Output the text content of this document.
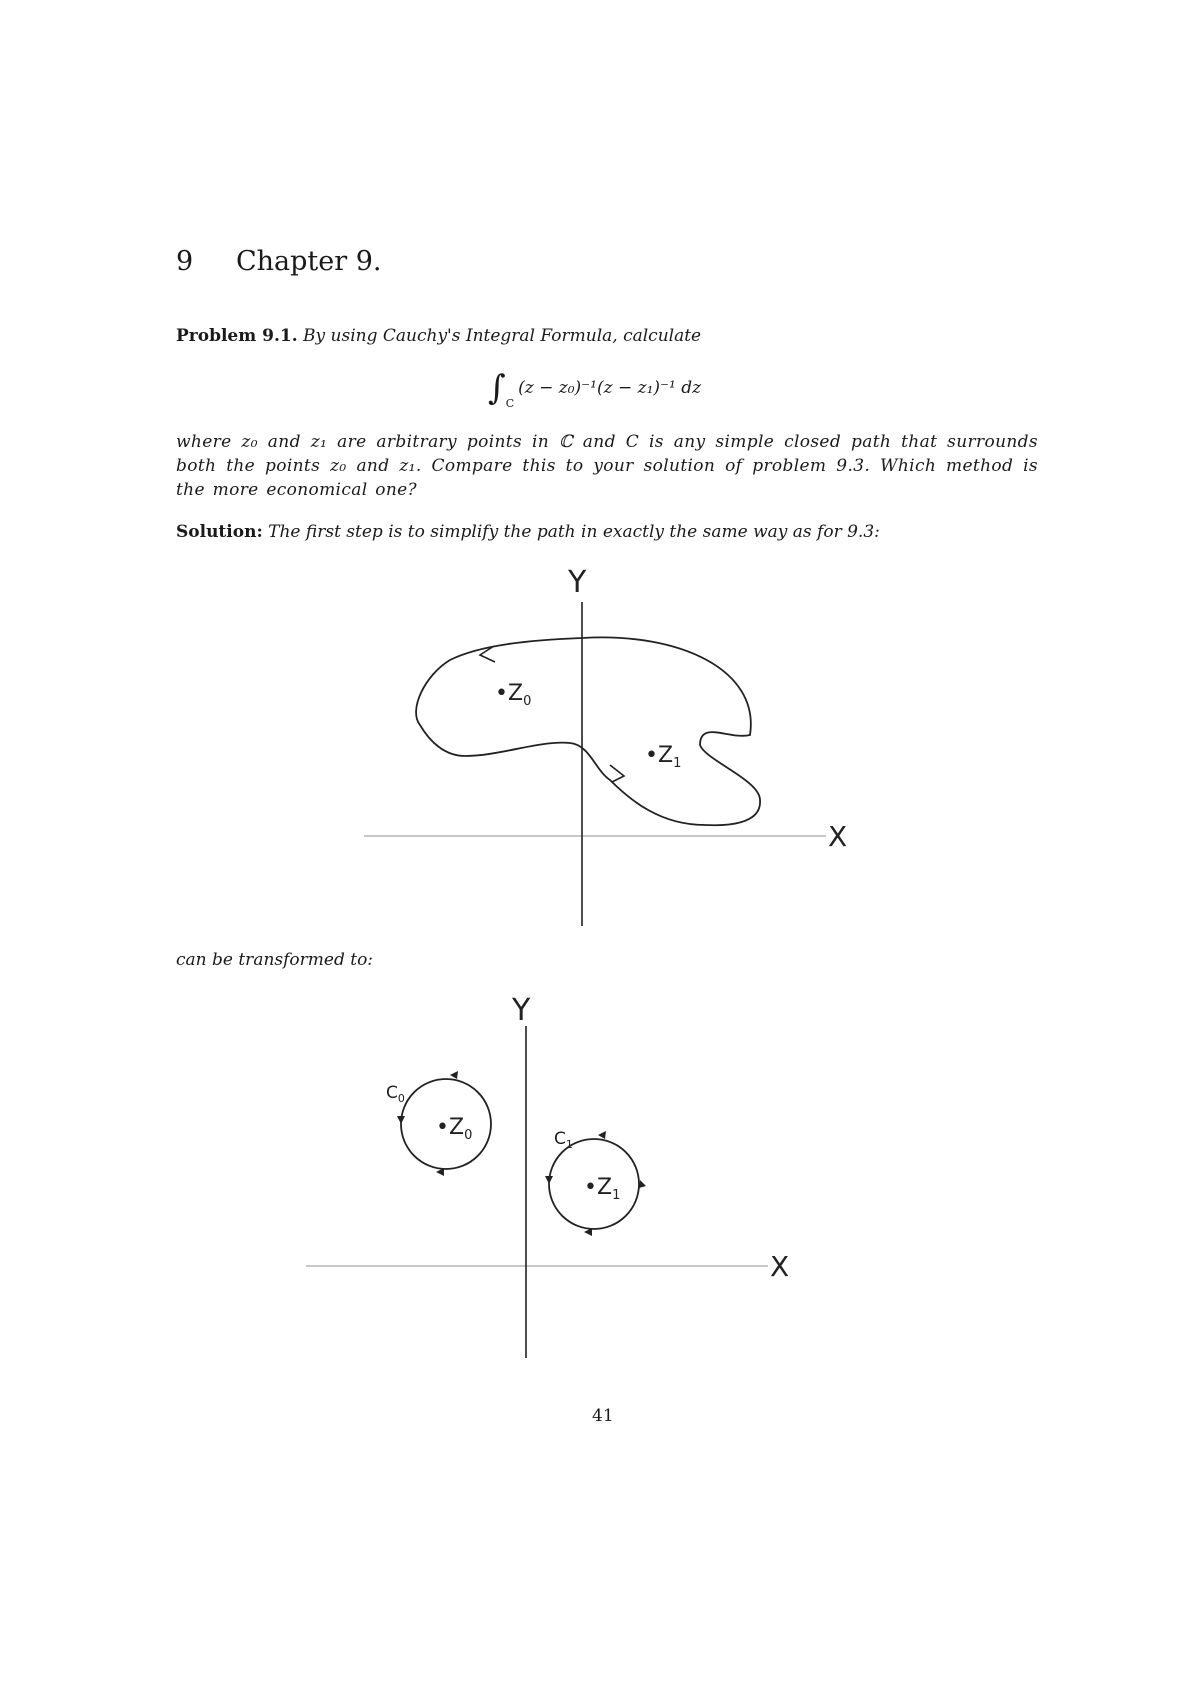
9 Chapter 9.
Problem 9.1. By using Cauchy's Integral Formula, calculate
$\int_C(z - z_0)^{-1}(z - z_1)^{-1}$ dz
where z₀ and z₁ are arbitrary points in ℂ and C is any simple closed path that surrounds both the points z₀ and z₁. Compare this to your solution of problem 9.3. Which method is the more economical one?
Solution: The first step is to simplify the path in exactly the same way as for 9.3:
Y
X
$•Z_0$
$•Z_1$
can be transformed to:
Y
X
$C_0$
$•Z_0$	$C_1$
$•Z_1$
41
